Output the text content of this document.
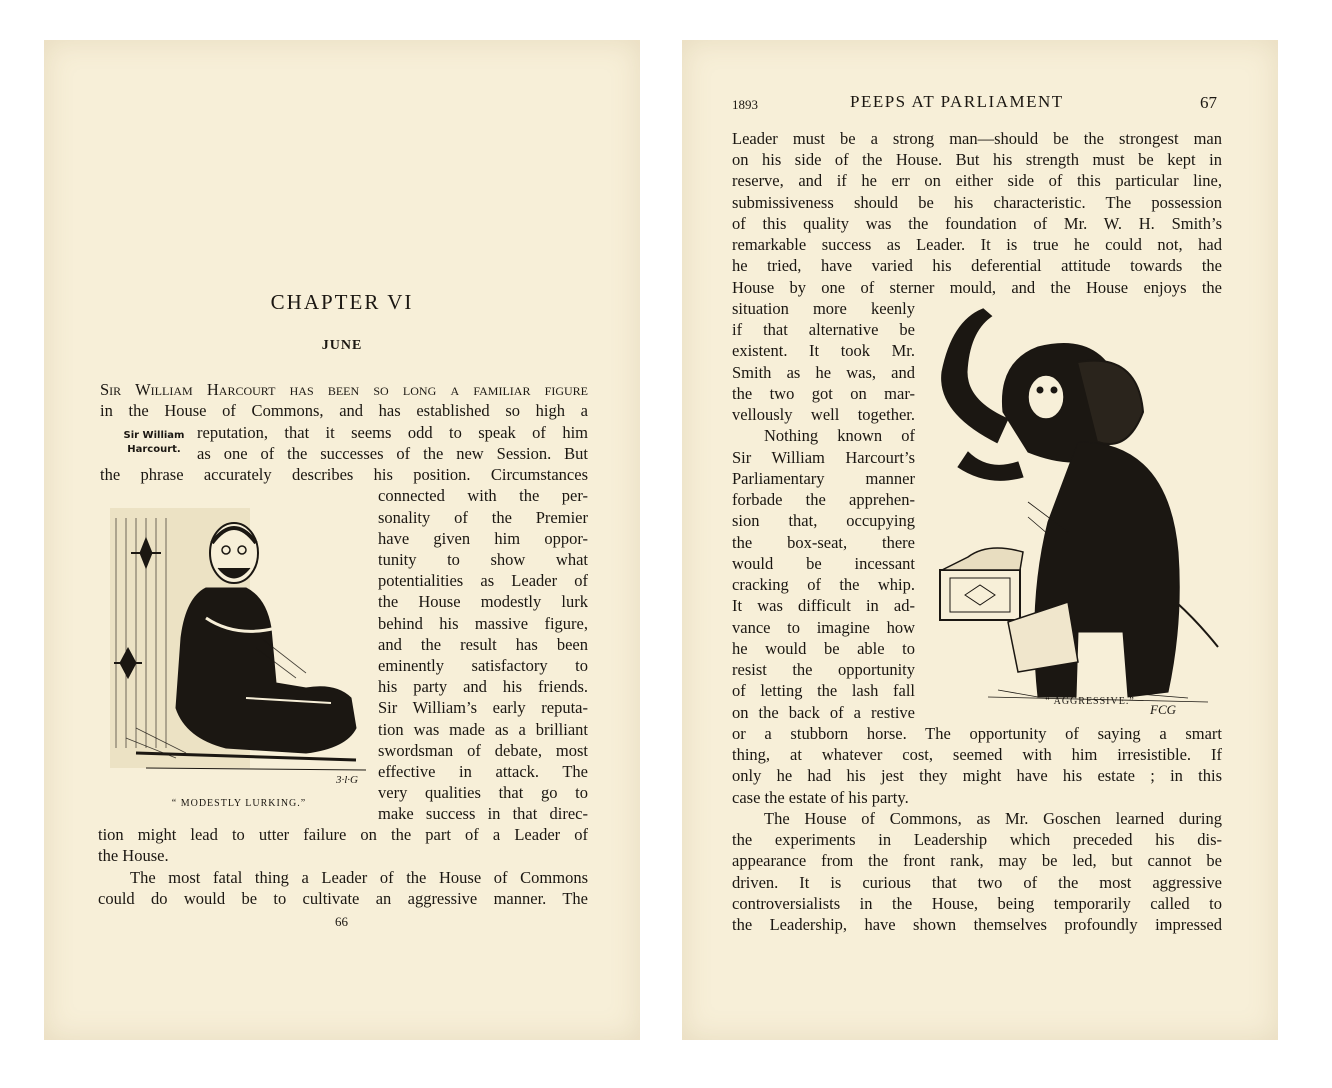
CHAPTER VI
JUNE
Sir William
Harcourt.
Sir William Harcourt has been so long a familiar figure
in the House of Commons, and has established so high a
reputation, that it seems odd to speak of him
as one of the successes of the new Session. But
the phrase accurately describes his position. Circumstances
connected with the per-
sonality of the Premier
have given him oppor-
tunity to show what
potentialities as Leader of
the House modestly lurk
behind his massive figure,
and the result has been
eminently satisfactory to
his party and his friends.
Sir William’s early reputa-
tion was made as a brilliant
swordsman of debate, most
effective in attack. The
very qualities that go to
make success in that direc-
tion might lead to utter failure on the part of a Leader of
the House.
The most fatal thing a Leader of the House of Commons
could do would be to cultivate an aggressive manner. The
3·l·G
“ MODESTLY LURKING.”
66
1893	PEEPS AT PARLIAMENT	67
Leader must be a strong man—should be the strongest man
on his side of the House. But his strength must be kept in
reserve, and if he err on either side of this particular line,
submissiveness should be his characteristic. The possession
of this quality was the foundation of Mr. W. H. Smith’s
remarkable success as Leader. It is true he could not, had
he tried, have varied his deferential attitude towards the
House by one of sterner mould, and the House enjoys the
situation more keenly
if that alternative be
existent. It took Mr.
Smith as he was, and
the two got on mar-
vellously well together.
Nothing known of
Sir William Harcourt’s
Parliamentary manner
forbade the apprehen-
sion that, occupying
the box-seat, there
would be incessant
cracking of the whip.
It was difficult in ad-
vance to imagine how
he would be able to
resist the opportunity
of letting the lash fall
on the back of a restive
or a stubborn horse. The opportunity of saying a smart
thing, at whatever cost, seemed with him irresistible. If
only he had his jest they might have his estate ; in this
case the estate of his party.
The House of Commons, as Mr. Goschen learned during
the experiments in Leadership which preceded his dis-
appearance from the front rank, may be led, but cannot be
driven. It is curious that two of the most aggressive
controversialists in the House, being temporarily called to
the Leadership, have shown themselves profoundly impressed
FCG
“ AGGRESSIVE.”
